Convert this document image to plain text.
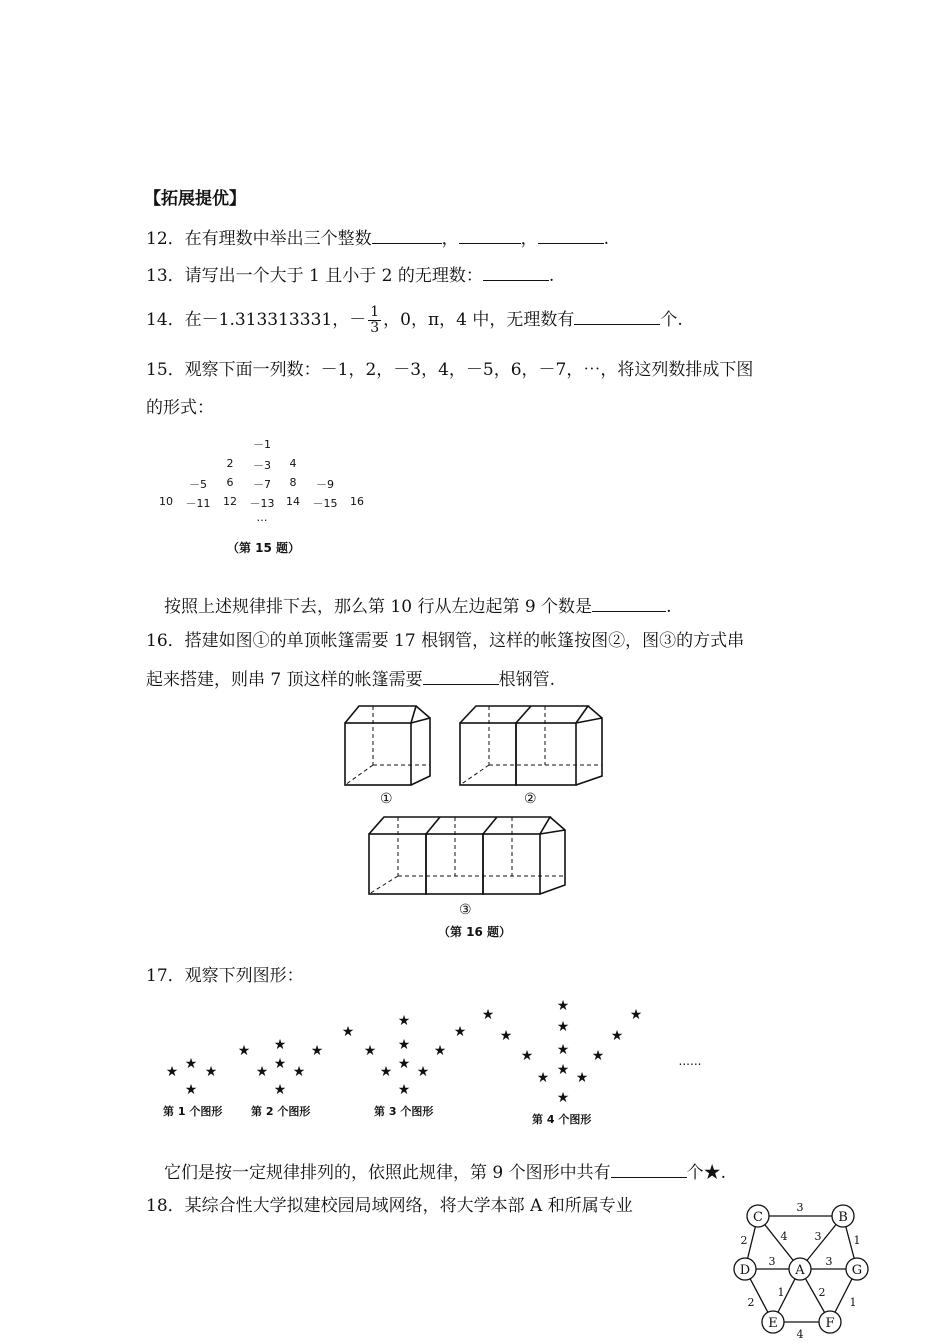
【拓展提优】
12．在有理数中举出三个整数	，	，	.
13．请写出一个大于 1 且小于 2 的无理数：	.
14．在－1.313313331，－ $\frac{1}{3}$ ，0，π，4 中，无理数有	个.
15．观察下面一列数：－1，2，－3，4，－5，6，－7，⋯，将这列数排成下图
的形式：
－1
2 －3 4
－5 6 －7 8 －9
10 －11 12 －13 14 －15 16
…
（第 15 题）
按照上述规律排下去，那么第 10 行从左边起第 9 个数是	.
16．搭建如图①的单顶帐篷需要 17 根钢管，这样的帐篷按图②，图③的方式串
起来搭建，则串 7 顶这样的帐篷需要	根钢管.
①	②
③
（第 16 题）
17．观察下列图形：
★ ★ ★
★
★ ★ ★
★ ★ ★
★
★
★
★
★ ★ ★
★ ★ ★
★
★
★
★
★
★
★
★ ★ ★
★ ★ ★
★
......
第 1 个图形	第 2 个图形	第 3 个图形
第 4 个图形
它们是按一定规律排列的，依照此规律，第 9 个图形中共有	个★.
18．某综合性大学拟建校园局域网络，将大学本部 A 和所属专业
A
B
C
D
E	F
G
3
4 3
2
3	3
1
2
1	2
1
4
